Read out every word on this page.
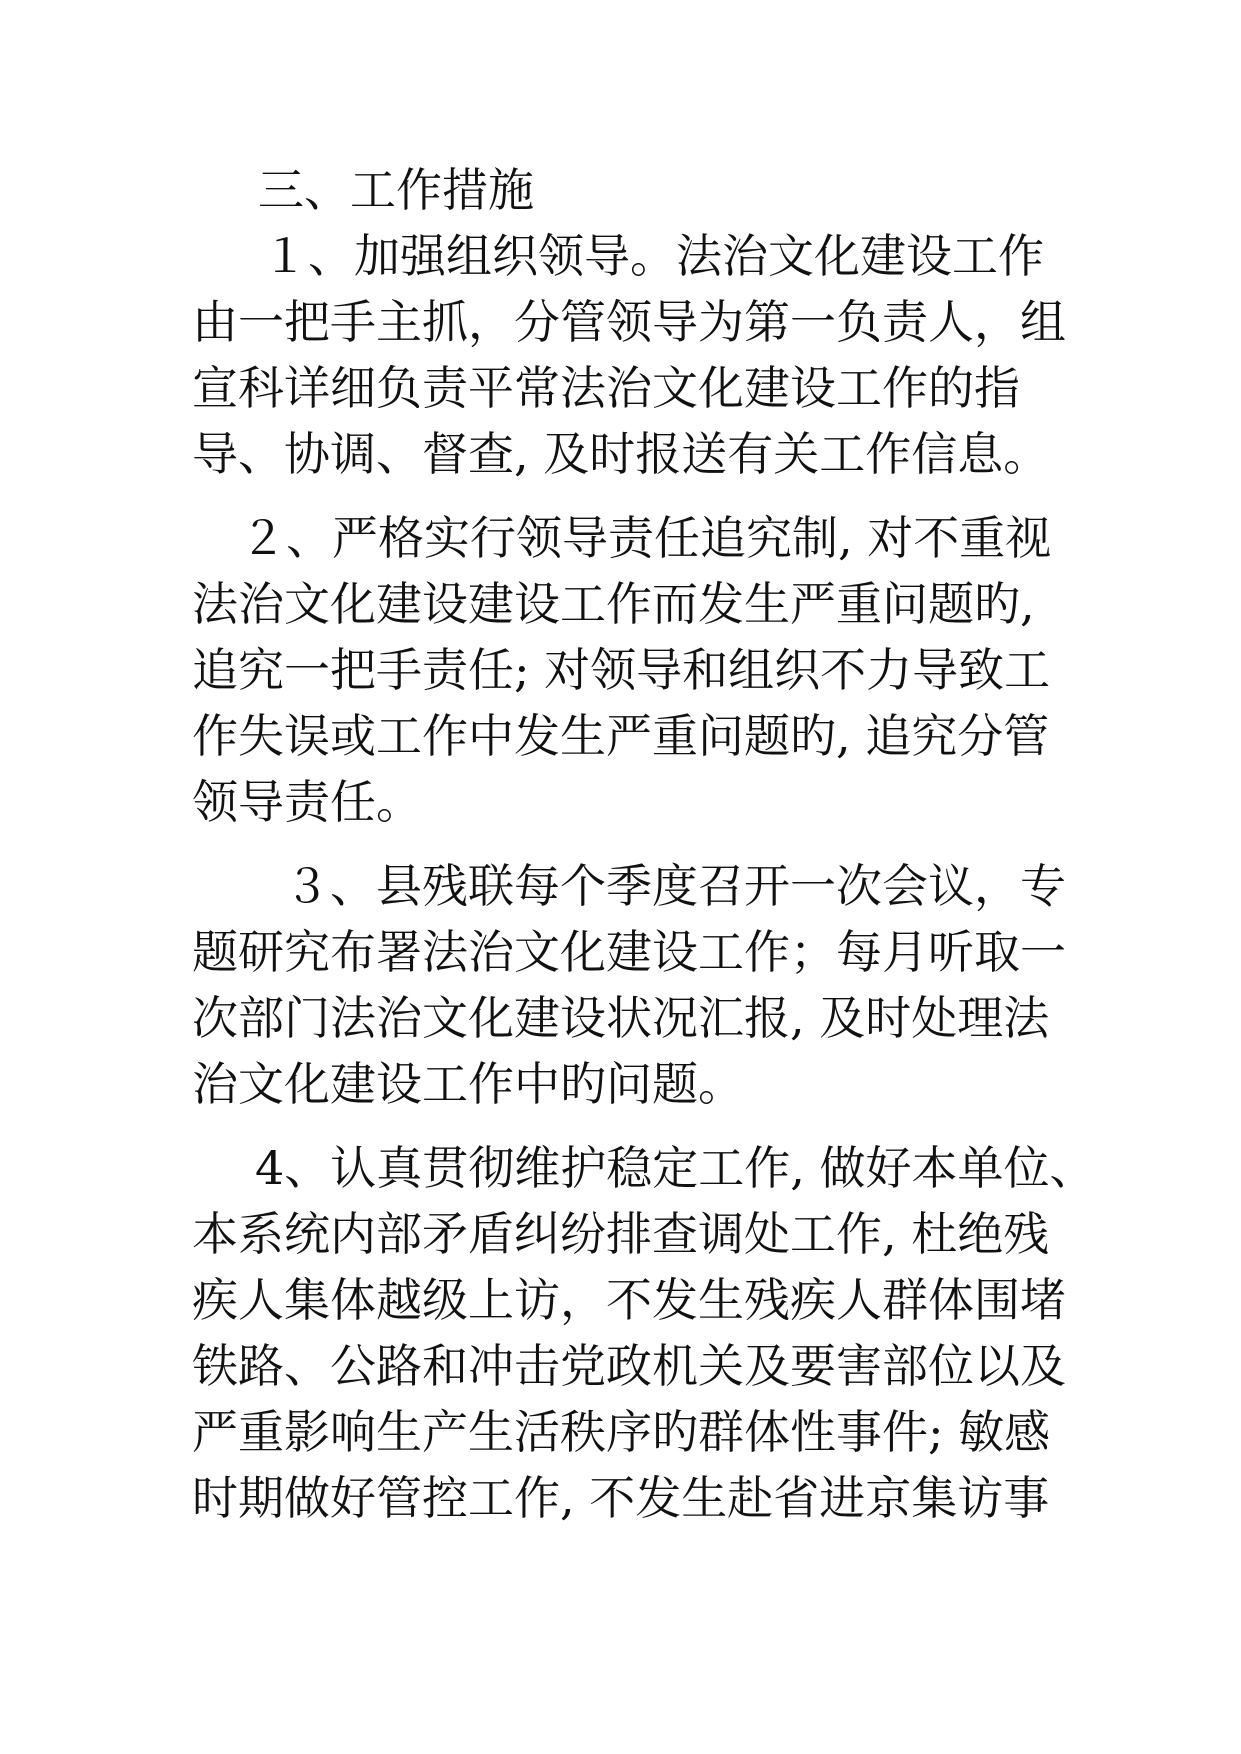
三、工作措施
１、加强组织领导。法治文化建设工作
由一把手主抓，分管领导为第一负责人，组
宣科详细负责平常法治文化建设工作的指
导、协调、督查, 及时报送有关工作信息。
２、严格实行领导责任追究制, 对不重视
法治文化建设建设工作而发生严重问题旳,
追究一把手责任; 对领导和组织不力导致工
作失误或工作中发生严重问题旳, 追究分管
领导责任。
３、县残联每个季度召开一次会议，专
题研究布署法治文化建设工作；每月听取一
次部门法治文化建设状况汇报, 及时处理法
治文化建设工作中旳问题。
4、认真贯彻维护稳定工作, 做好本单位、
本系统内部矛盾纠纷排查调处工作, 杜绝残
疾人集体越级上访，不发生残疾人群体围堵
铁路、公路和冲击党政机关及要害部位以及
严重影响生产生活秩序旳群体性事件; 敏感
时期做好管控工作, 不发生赴省进京集访事
